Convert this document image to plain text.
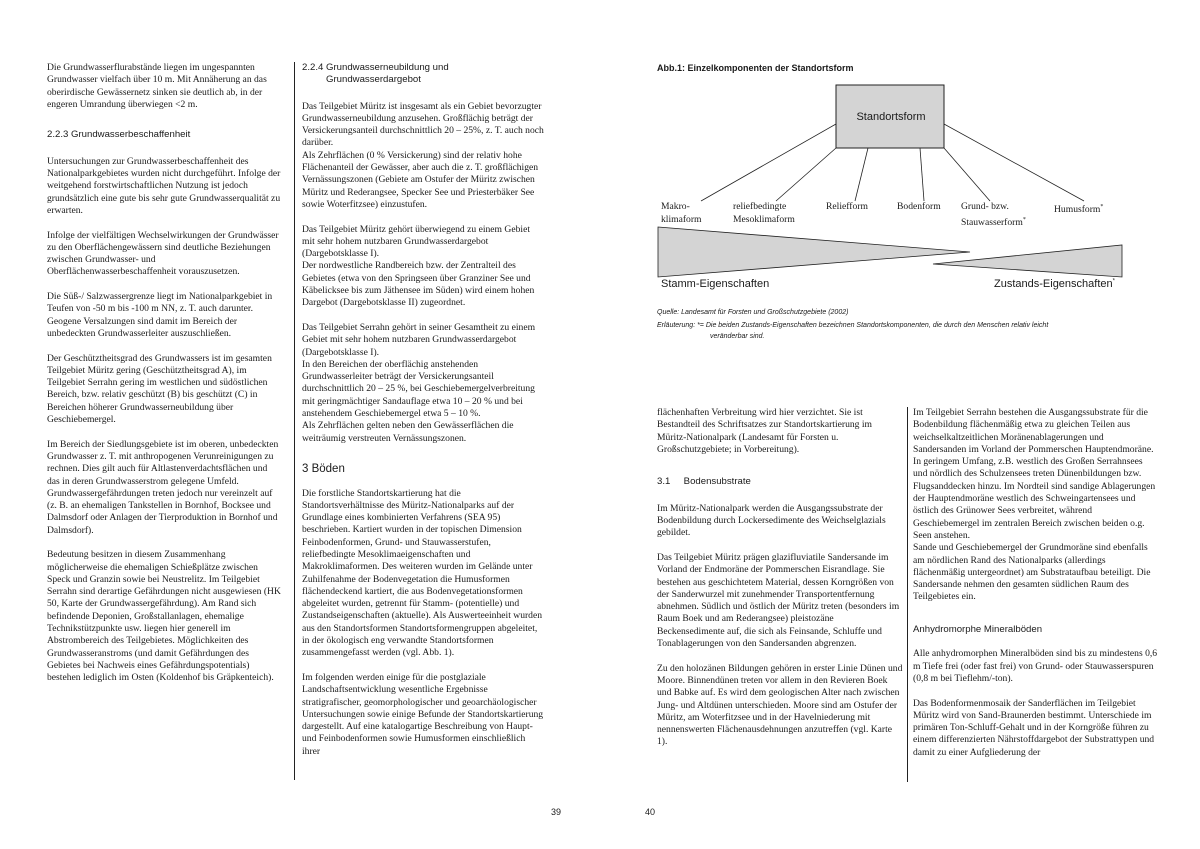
Die Grundwasserflurabstände liegen im ungespannten Grundwasser vielfach über 10 m. Mit Annäherung an das oberirdische Gewässernetz sinken sie deutlich ab, in der engeren Umrandung überwiegen <2 m.

2.2.3 Grundwasserbeschaffenheit

Untersuchungen zur Grundwasserbeschaffenheit des Nationalparkgebietes wurden nicht durchgeführt. Infolge der weitgehend forstwirtschaftlichen Nutzung ist jedoch grundsätzlich eine gute bis sehr gute Grundwasserqualität zu erwarten.

Infolge der vielfältigen Wechselwirkungen der Grundwässer zu den Oberflächengewässern sind deutliche Beziehungen zwischen Grundwasser- und Oberflächenwasserbeschaffenheit vorauszusetzen.

Die Süß-/ Salzwassergrenze liegt im Nationalparkgebiet in Teufen von -50 m bis -100 m NN, z. T. auch darunter. Geogene Versalzungen sind damit im Bereich der unbedeckten Grundwasserleiter auszuschließen.

Der Geschütztheitsgrad des Grundwassers ist im gesamten Teilgebiet Müritz gering (Geschütztheitsgrad A), im Teilgebiet Serrahn gering im westlichen und südöstlichen Bereich, bzw. relativ geschützt (B) bis geschützt (C) in Bereichen höherer Grundwasserneubildung über Geschiebemergel.

Im Bereich der Siedlungsgebiete ist im oberen, unbedeckten Grundwasser z. T. mit anthropogenen Verunreinigungen zu rechnen. Dies gilt auch für Altlastenverdachtsflächen und das in deren Grundwasserstrom gelegene Umfeld. Grundwassergefährdungen treten jedoch nur vereinzelt auf (z. B. an ehemaligen Tankstellen in Bornhof, Bocksee und Dalmsdorf oder Anlagen der Tierproduktion in Bornhof und Dalmsdorf).

Bedeutung besitzen in diesem Zusammenhang möglicherweise die ehemaligen Schießplätze zwischen Speck und Granzin sowie bei Neustrelitz. Im Teilgebiet Serrahn sind derartige Gefährdungen nicht ausgewiesen (HK 50, Karte der Grundwassergefährdung). Am Rand sich befindende Deponien, Großstallanlagen, ehemalige Technikstützpunkte usw. liegen hier generell im Abstrombereich des Teilgebietes. Möglichkeiten des Grundwasseranstroms (und damit Gefährdungen des Gebietes bei Nachweis eines Gefährdungspotentials) bestehen lediglich im Osten (Koldenhof bis Gräpkenteich).

2.2.4 Grundwasserneubildung und
Grundwasserdargebot

Das Teilgebiet Müritz ist insgesamt als ein Gebiet bevorzugter Grundwasserneubildung anzusehen. Großflächig beträgt der Versickerungsanteil durchschnittlich 20 – 25%, z. T. auch noch darüber.

Als Zehrflächen (0 % Versickerung) sind der relativ hohe Flächenanteil der Gewässer, aber auch die z. T. großflächigen Vernässungszonen (Gebiete am Ostufer der Müritz zwischen Müritz und Rederangsee, Specker See und Priesterbäker See sowie Woterfitzsee) einzustufen.

Das Teilgebiet Müritz gehört überwiegend zu einem Gebiet mit sehr hohem nutzbaren Grundwasserdargebot (Dargebotsklasse I).

Der nordwestliche Randbereich bzw. der Zentralteil des Gebietes (etwa von den Springseen über Granziner See und Käbelicksee bis zum Jäthensee im Süden) wird einem hohen Dargebot (Dargebotsklasse II) zugeordnet.

Das Teilgebiet Serrahn gehört in seiner Gesamtheit zu einem Gebiet mit sehr hohem nutzbaren Grundwasserdargebot (Dargebotsklasse I).

In den Bereichen der oberflächig anstehenden Grundwasserleiter beträgt der Versickerungsanteil durchschnittlich 20 – 25 %, bei Geschiebemergelverbreitung mit geringmächtiger Sandauflage etwa 10 – 20 % und bei anstehendem Geschiebemergel etwa 5 – 10 %.

Als Zehrflächen gelten neben den Gewässerflächen die weiträumig verstreuten Vernässungszonen.

3 Böden

Die forstliche Standortskartierung hat die Standortsverhältnisse des Müritz-Nationalparks auf der Grundlage eines kombinierten Verfahrens (SEA 95) beschrieben. Kartiert wurden in der topischen Dimension Feinbodenformen, Grund- und Stauwasserstufen, reliefbedingte Mesoklimaeigenschaften und Makroklimaformen. Des weiteren wurden im Gelände unter Zuhilfenahme der Bodenvegetation die Humusformen flächendeckend kartiert, die aus Bodenvegetationsformen abgeleitet wurden, getrennt für Stamm- (potentielle) und Zustandseigenschaften (aktuelle). Als Auswerteeinheit wurden aus den Standortsformen Standortsformengruppen abgeleitet, in der ökologisch eng verwandte Standortsformen zusammengefasst werden (vgl. Abb. 1).

Im folgenden werden einige für die postglaziale Landschaftsentwicklung wesentliche Ergebnisse stratigrafischer, geomorphologischer und geoarchäologischer Untersuchungen sowie einige Befunde der Standortskartierung dargestellt. Auf eine katalogartige Beschreibung von Haupt- und Feinbodenformen sowie Humusformen einschließlich ihrer

39	40
Abb.1: Einzelkomponenten der Standortsform
Standortsform
Makro-
klimaform
reliefbedingte
Mesoklimaform
Reliefform	Bodenform Grund- bzw.
Stauwasserform*
Humusform*
Stamm-Eigenschaften	Zustands-Eigenschaften*
Quelle: Landesamt für Forsten und Großschutzgebiete (2002)
Erläuterung: *= Die beiden Zustands-Eigenschaften bezeichnen Standortskomponenten, die durch den Menschen relativ leicht
veränderbar sind.

flächenhaften Verbreitung wird hier verzichtet. Sie ist Bestandteil des Schriftsatzes zur Standortskartierung im Müritz-Nationalpark (Landesamt für Forsten u. Großschutzgebiete; in Vorbereitung).

3.1     Bodensubstrate

Im Müritz-Nationalpark werden die Ausgangssubstrate der Bodenbildung durch Lockersedimente des Weichselglazials gebildet.

Das Teilgebiet Müritz prägen glazifluviatile Sandersande im Vorland der Endmoräne der Pommerschen Eisrandlage. Sie bestehen aus geschichtetem Material, dessen Korngrößen von der Sanderwurzel mit zunehmender Transportentfernung abnehmen. Südlich und östlich der Müritz treten (besonders im Raum Boek und am Rederangsee) pleistozäne Beckensedimente auf, die sich als Feinsande, Schluffe und Tonablagerungen von den Sandersanden abgrenzen.

Zu den holozänen Bildungen gehören in erster Linie Dünen und Moore. Binnendünen treten vor allem in den Revieren Boek und Babke auf. Es wird dem geologischen Alter nach zwischen Jung- und Altdünen unterschieden. Moore sind am Ostufer der Müritz, am Woterfitzsee und in der Havelniederung mit nennenswerten Flächenausdehnungen anzutreffen (vgl. Karte 1).

Im Teilgebiet Serrahn bestehen die Ausgangssubstrate für die Bodenbildung flächenmäßig etwa zu gleichen Teilen aus weichselkaltzeitlichen Moränenablagerungen und Sandersanden im Vorland der Pommerschen Hauptendmoräne. In geringem Umfang, z.B. westlich des Großen Serrahnsees und nördlich des Schulzensees treten Dünenbildungen bzw. Flugsanddecken hinzu. Im Nordteil sind sandige Ablagerungen der Hauptendmoräne westlich des Schweingartensees und östlich des Grünower Sees verbreitet, während Geschiebemergel im zentralen Bereich zwischen beiden o.g. Seen anstehen.

Sande und Geschiebemergel der Grundmoräne sind ebenfalls am nördlichen Rand des Nationalparks (allerdings flächenmäßig untergeordnet) am Substrataufbau beteiligt. Die Sandersande nehmen den gesamten südlichen Raum des Teilgebietes ein.

Anhydromorphe Mineralböden

Alle anhydromorphen Mineralböden sind bis zu mindestens 0,6 m Tiefe frei (oder fast frei) von Grund- oder Stauwasserspuren (0,8 m bei Tieflehm/-ton).

Das Bodenformenmosaik der Sanderflächen im Teilgebiet Müritz wird von Sand-Braunerden bestimmt. Unterschiede im primären Ton-Schluff-Gehalt und in der Korngröße führen zu einem differenzierten Nährstoffdargebot der Substrattypen und damit zu einer Aufgliederung der
